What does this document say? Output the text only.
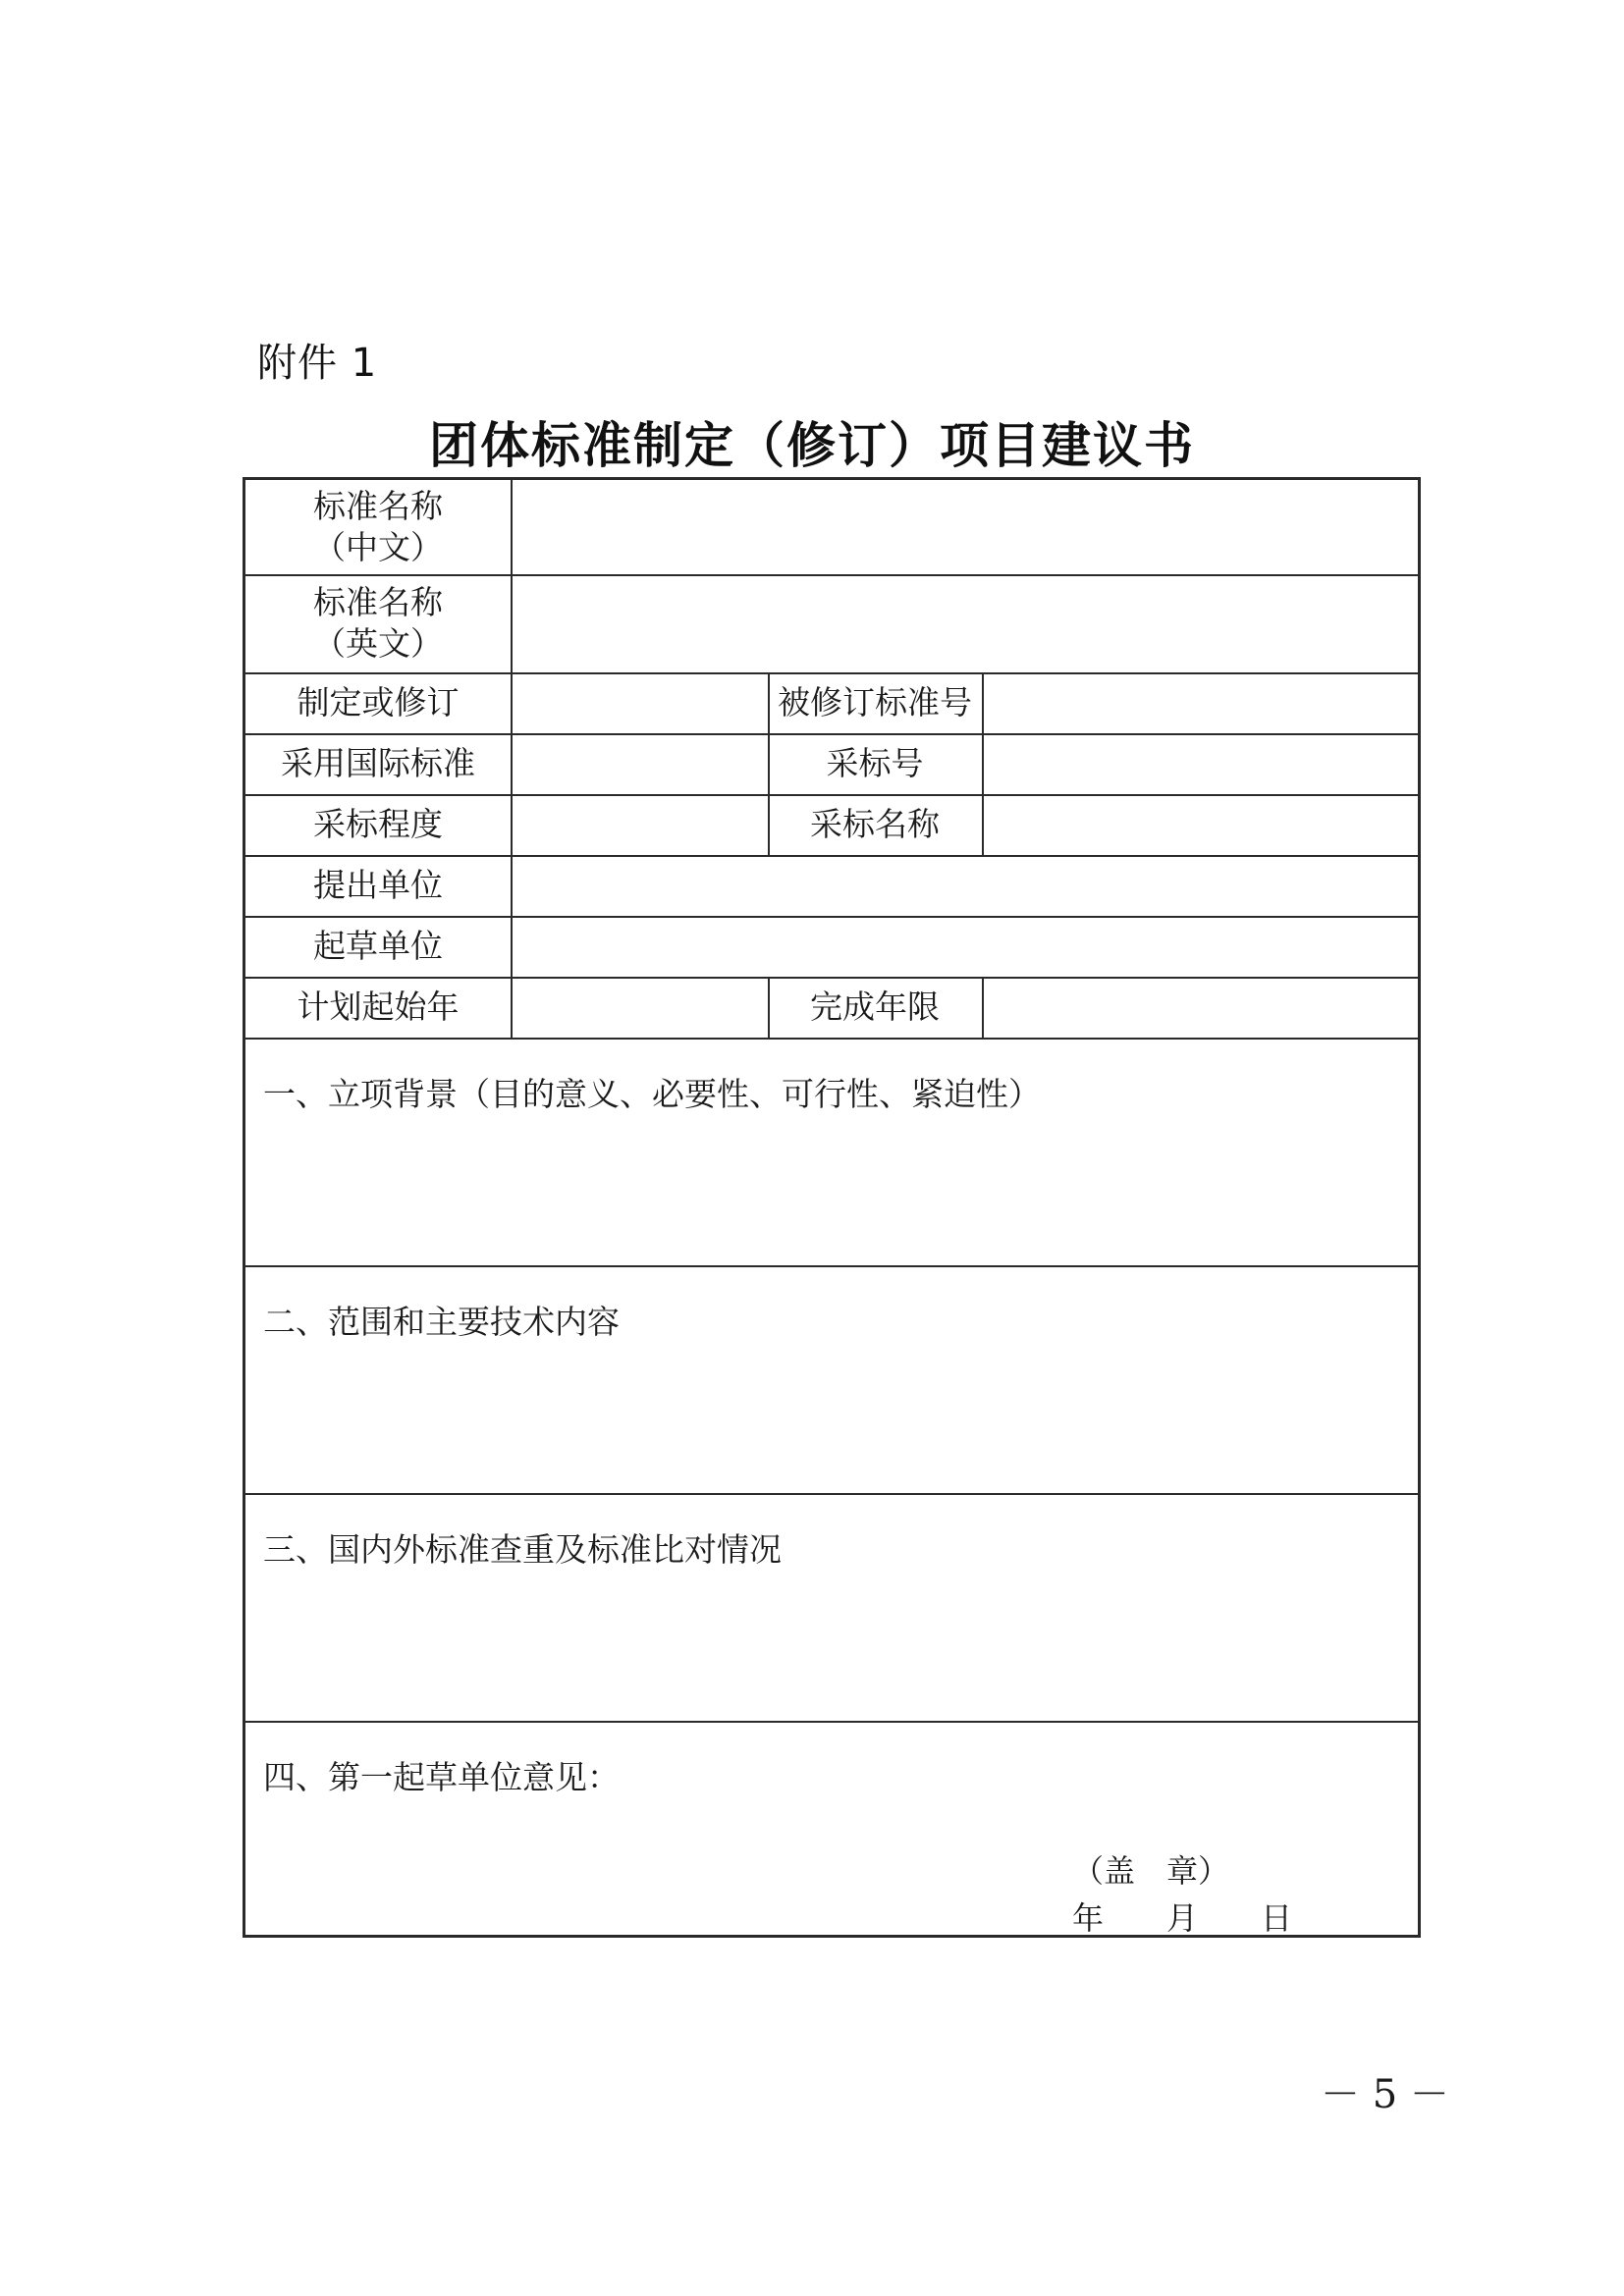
附件 1
团体标准制定（修订）项目建议书
标准名称
（中文）
标准名称
（英文）
制定或修订	被修订标准号
采用国际标准	采标号
采标程度	采标名称
提出单位
起草单位
计划起始年	完成年限
一、立项背景（目的意义、必要性、可行性、紧迫性）
二、范围和主要技术内容
三、国内外标准查重及标准比对情况
四、第一起草单位意见：
（盖　章）
年　　月　　日
－ 5 －
